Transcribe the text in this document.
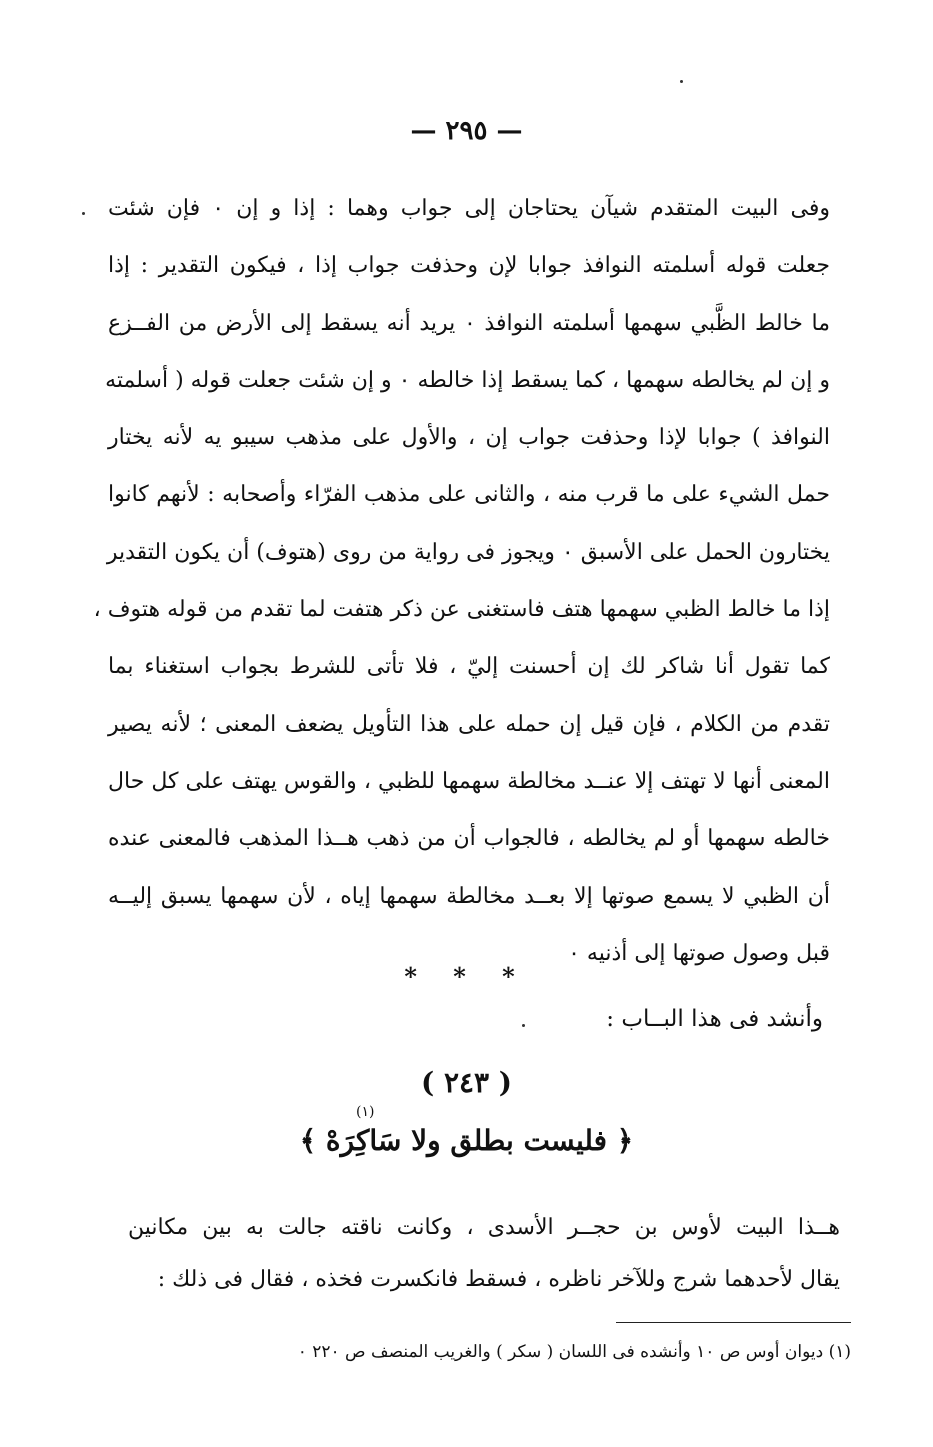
— ٢٩٥ —
وفى البيت المتقدم شيآن يحتاجان إلى جواب وهما : إذا و إن ٠ فإن شئت
جعلت قوله أسلمته النوافذ جوابا لإن وحذفت جواب إذا ، فيكون التقدير : إذا
ما خالط الظَّبي سهمها أسلمته النوافذ ٠ يريد أنه يسقط إلى الأرض من الفــزع
و إن لم يخالطه سهمها ، كما يسقط إذا خالطه ٠ و إن شئت جعلت قوله ( أسلمته
النوافذ ) جوابا لإذا وحذفت جواب إن ، والأول على مذهب سيبو يه لأنه يختار
حمل الشيء على ما قرب منه ، والثانى على مذهب الفرّاء وأصحابه : لأنهم كانوا
يختارون الحمل على الأسبق ٠ ويجوز فى رواية من روى (هتوف) أن يكون التقدير
إذا ما خالط الظبي سهمها هتف فاستغنى عن ذكر هتفت لما تقدم من قوله هتوف ،
كما تقول أنا شاكر لك إن أحسنت إليّ ، فلا تأتى للشرط بجواب استغناء بما
تقدم من الكلام ، فإن قيل إن حمله على هذا التأويل يضعف المعنى ؛ لأنه يصير
المعنى أنها لا تهتف إلا عنــد مخالطة سهمها للظبي ، والقوس يهتف على كل حال
خالطه سهمها أو لم يخالطه ، فالجواب أن من ذهب هــذا المذهب فالمعنى عنده
أن الظبي لا يسمع صوتها إلا بعــد مخالطة سهمها إياه ، لأن سهمها يسبق إليــه
قبل وصول صوتها إلى أذنيه ٠
* * *
وأنشد فى هذا البــاب :
( ٢٤٣ )
(١)
﴿ فليست بطلق ولا سَاكِرَهْ ﴾
هــذا البيت لأوس بن حجــر الأسدى ، وكانت ناقته جالت به بين مكانين
يقال لأحدهما شرج وللآخر ناظره ، فسقط فانكسرت فخذه ، فقال فى ذلك :
(١) ديوان أوس ص ١٠ وأنشده فى اللسان ( سكر ) والغريب المنصف ص ٢٢٠ ٠
